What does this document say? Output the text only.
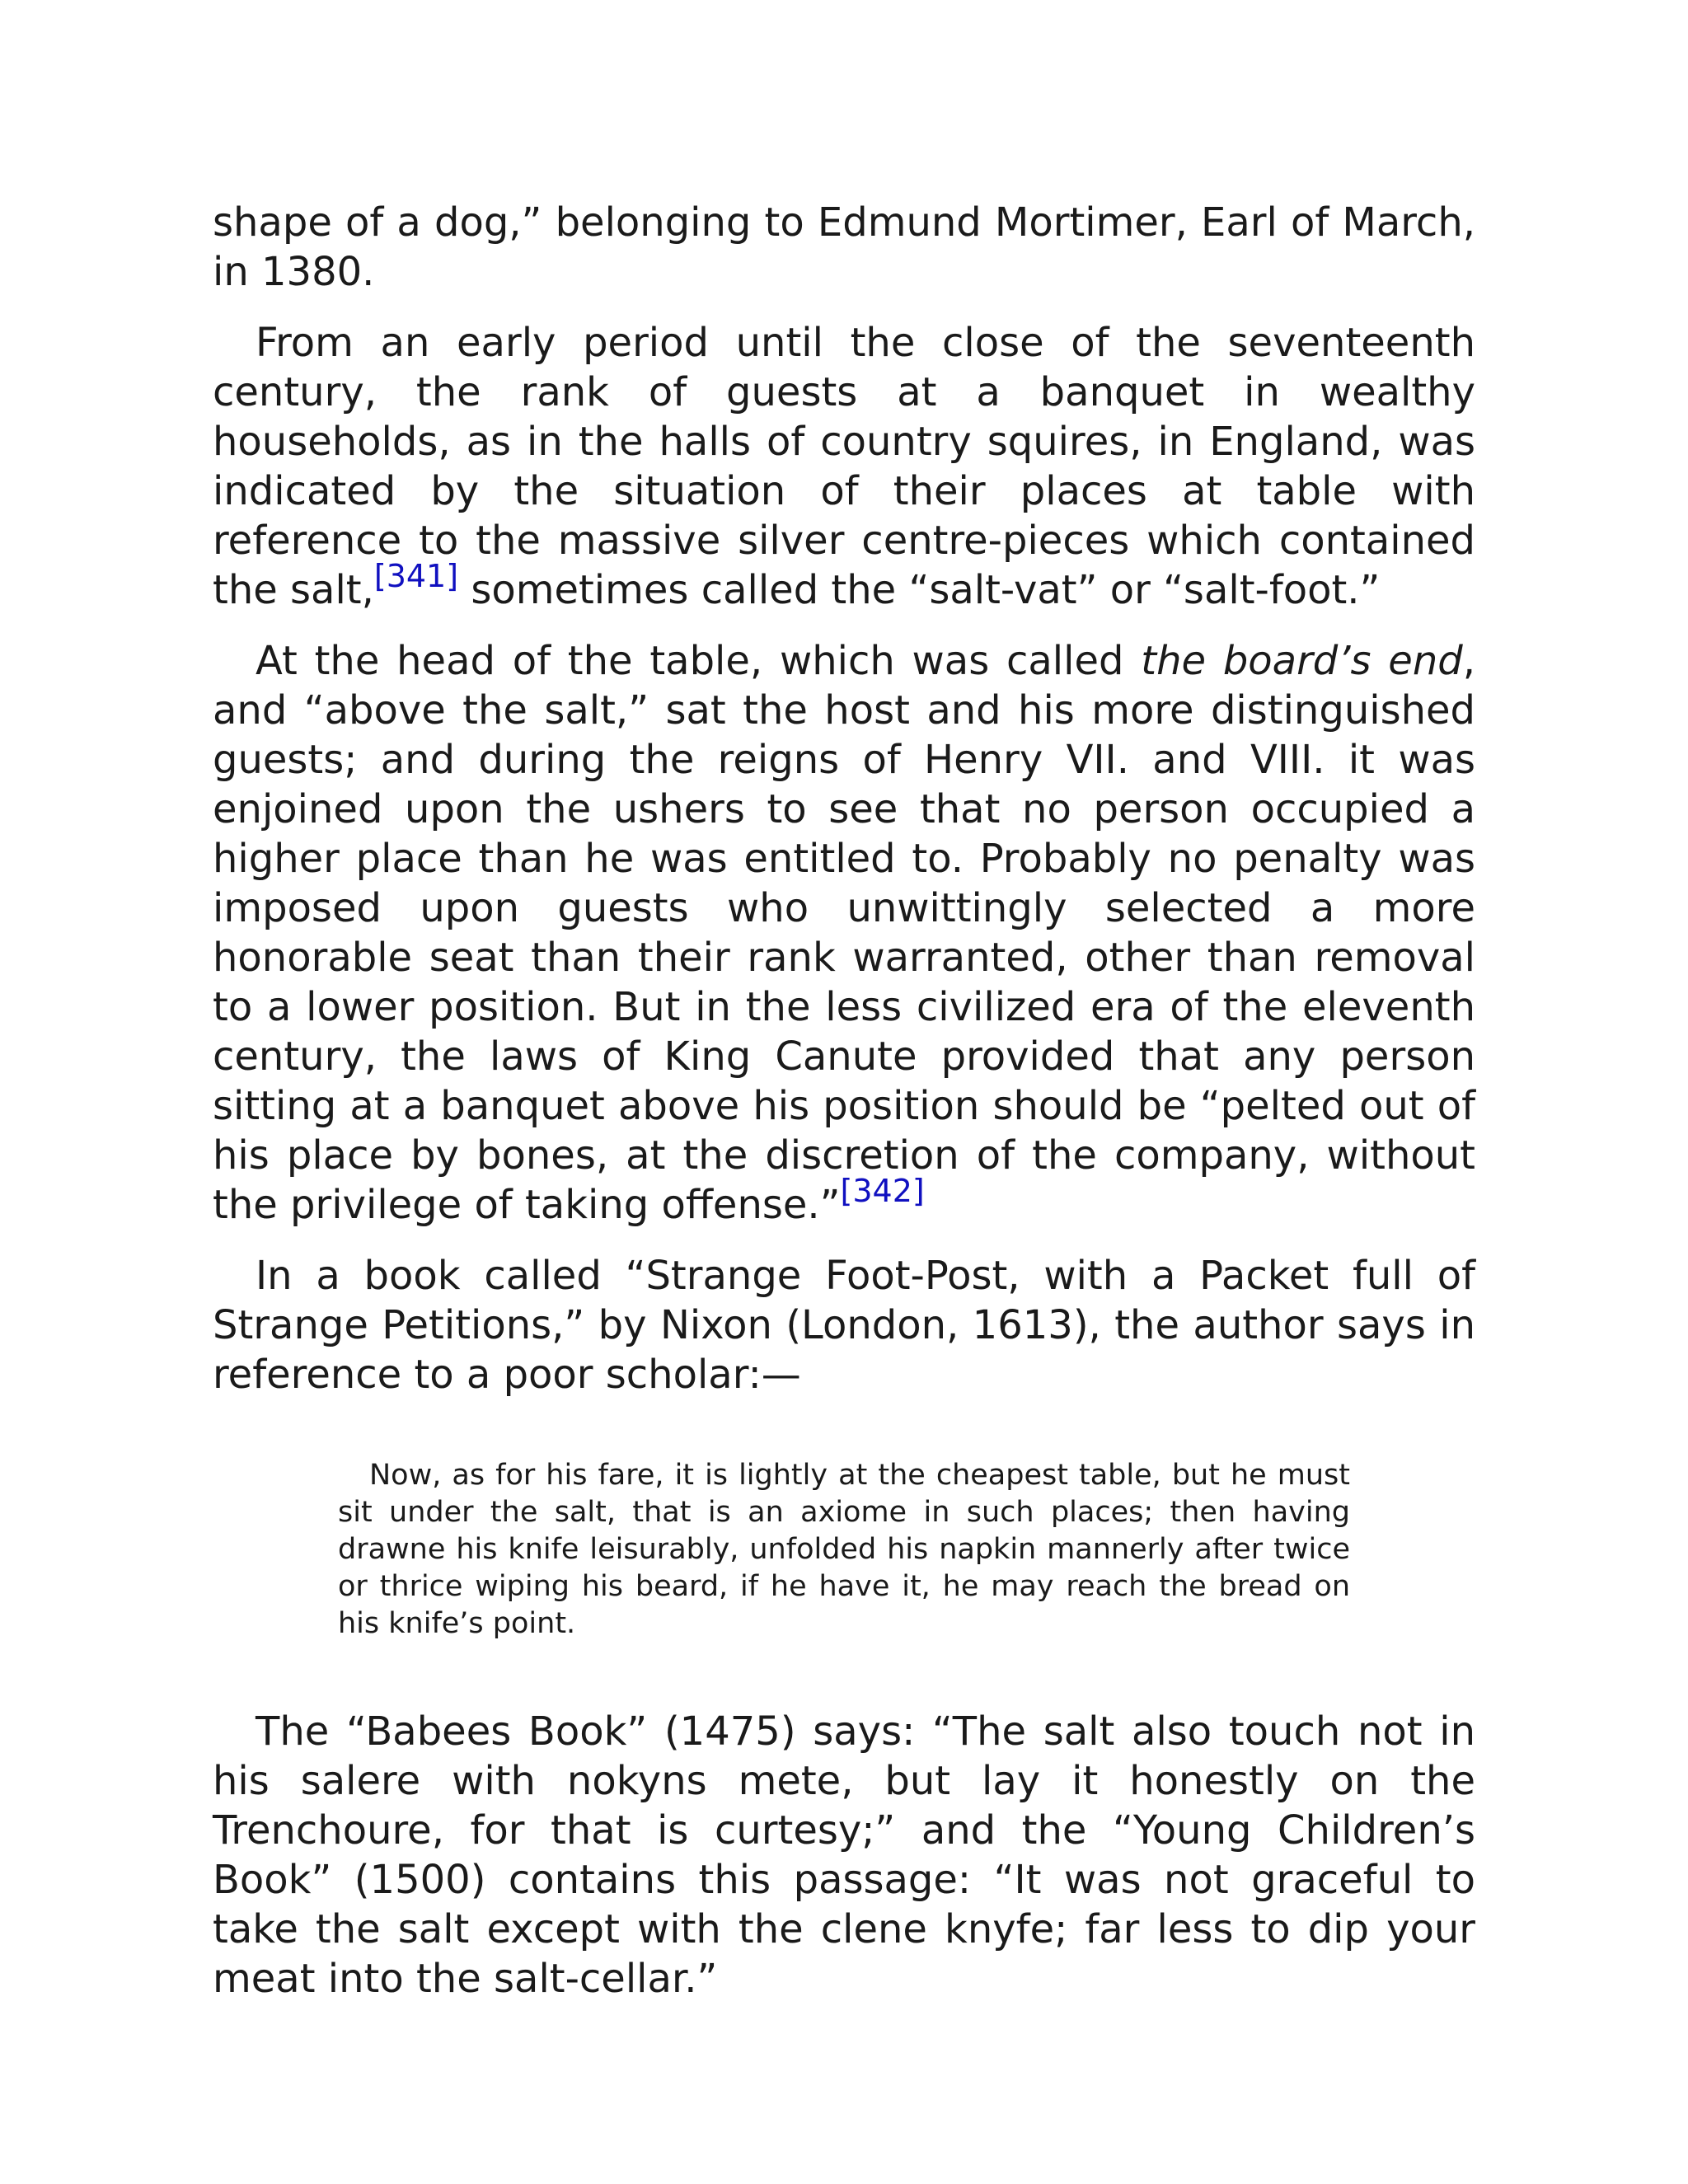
shape of a dog,” belonging to Edmund Mortimer, Earl of March, in 1380.

From an early period until the close of the seventeenth century, the rank of guests at a banquet in wealthy households, as in the halls of country squires, in England, was indicated by the situation of their places at table with reference to the massive silver centre-pieces which contained the salt,[341] sometimes called the “salt-vat” or “salt-foot.”

At the head of the table, which was called the board’s end, and “above the salt,” sat the host and his more distinguished guests; and during the reigns of Henry VII. and VIII. it was enjoined upon the ushers to see that no person occupied a higher place than he was entitled to. Probably no penalty was imposed upon guests who unwittingly selected a more honorable seat than their rank warranted, other than removal to a lower position. But in the less civilized era of the eleventh century, the laws of King Canute provided that any person sitting at a banquet above his position should be “pelted out of his place by bones, at the discretion of the company, without the privilege of taking offense.”[342]

In a book called “Strange Foot-Post, with a Packet full of Strange Petitions,” by Nixon (London, 1613), the author says in reference to a poor scholar:—

Now, as for his fare, it is lightly at the cheapest table, but he must sit under the salt, that is an axiome in such places; then having drawne his knife leisurably, unfolded his napkin mannerly after twice or thrice wiping his beard, if he have it, he may reach the bread on his knife’s point.

The “Babees Book” (1475) says: “The salt also touch not in his salere with nokyns mete, but lay it honestly on the Trenchoure, for that is curtesy;” and the “Young Children’s Book” (1500) contains this passage: “It was not graceful to take the salt except with the clene knyfe; far less to dip your meat into the salt-cellar.”
